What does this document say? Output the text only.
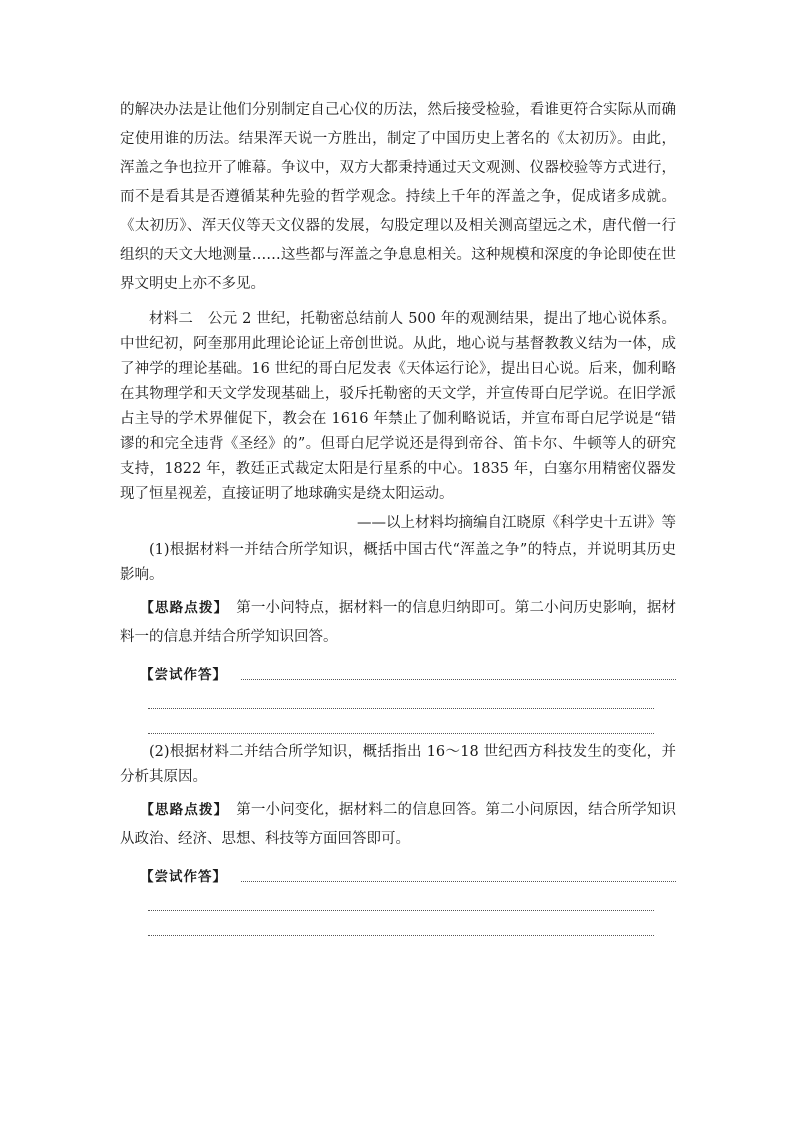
的解决办法是让他们分别制定自己心仪的历法，然后接受检验，看谁更符合实际从而确定使用谁的历法。结果浑天说一方胜出，制定了中国历史上著名的《太初历》。由此，浑盖之争也拉开了帷幕。争议中，双方大都秉持通过天文观测、仪器校验等方式进行，而不是看其是否遵循某种先验的哲学观念。持续上千年的浑盖之争，促成诸多成就。《太初历》、浑天仪等天文仪器的发展，勾股定理以及相关测高望远之术，唐代僧一行组织的天文大地测量……这些都与浑盖之争息息相关。这种规模和深度的争论即使在世界文明史上亦不多见。

材料二　公元 2 世纪，托勒密总结前人 500 年的观测结果，提出了地心说体系。中世纪初，阿奎那用此理论论证上帝创世说。从此，地心说与基督教教义结为一体，成了神学的理论基础。16 世纪的哥白尼发表《天体运行论》，提出日心说。后来，伽利略在其物理学和天文学发现基础上，驳斥托勒密的天文学，并宣传哥白尼学说。在旧学派占主导的学术界催促下，教会在 1616 年禁止了伽利略说话，并宣布哥白尼学说是“错谬的和完全违背《圣经》的”。但哥白尼学说还是得到帝谷、笛卡尔、牛顿等人的研究支持，1822 年，教廷正式裁定太阳是行星系的中心。1835 年，白塞尔用精密仪器发现了恒星视差，直接证明了地球确实是绕太阳运动。

——以上材料均摘编自江晓原《科学史十五讲》等

(1)根据材料一并结合所学知识，概括中国古代“浑盖之争”的特点，并说明其历史影响。

【思路点拨】　第一小问特点，据材料一的信息归纳即可。第二小问历史影响，据材料一的信息并结合所学知识回答。

【尝试作答】

(2)根据材料二并结合所学知识，概括指出 16～18 世纪西方科技发生的变化，并分析其原因。

【思路点拨】　第一小问变化，据材料二的信息回答。第二小问原因，结合所学知识从政治、经济、思想、科技等方面回答即可。

【尝试作答】
